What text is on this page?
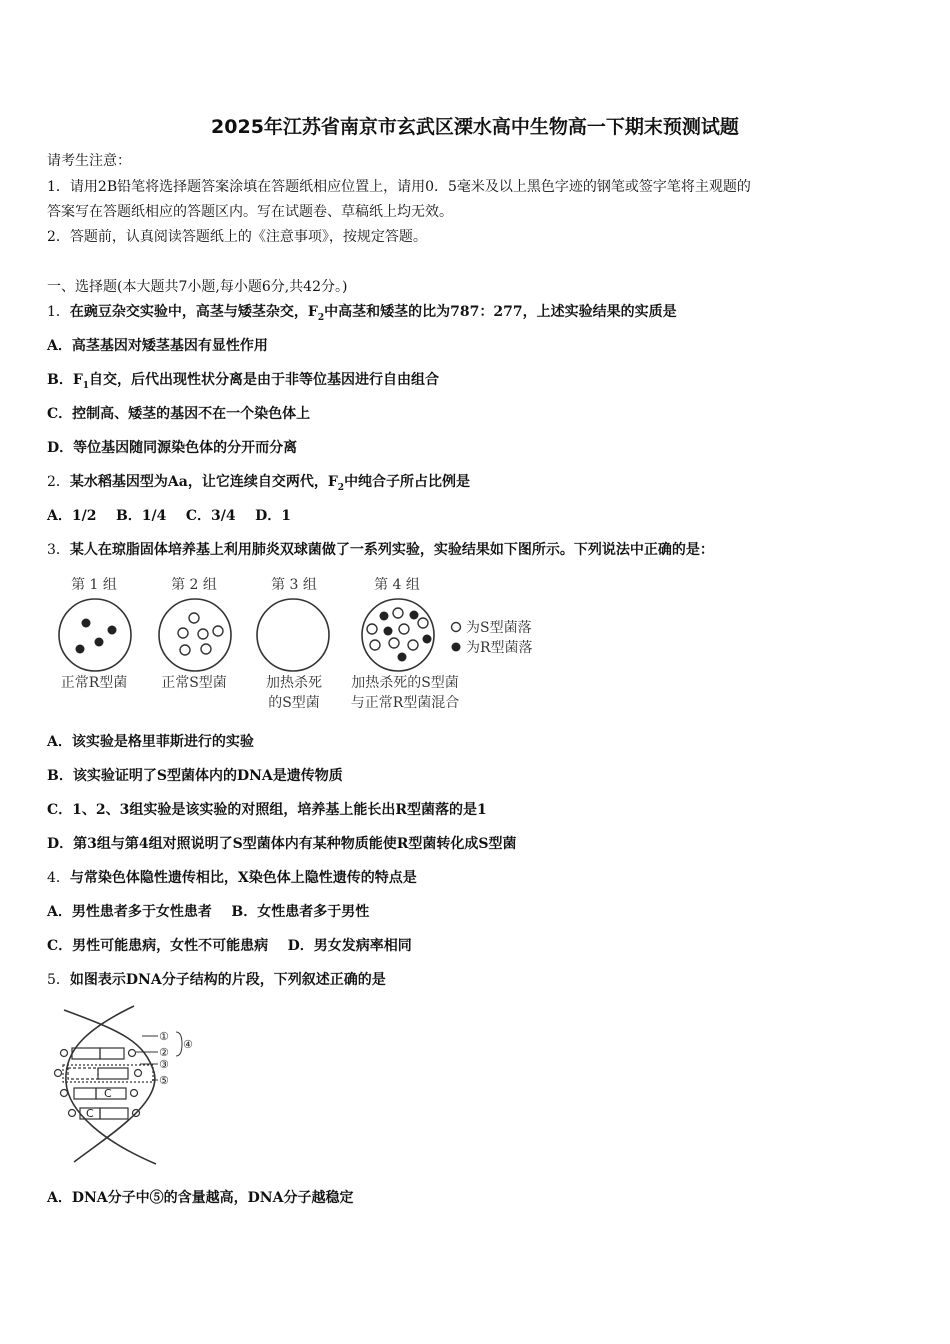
2025年江苏省南京市玄武区溧水高中生物高一下期末预测试题
请考生注意：
1．请用2B铅笔将选择题答案涂填在答题纸相应位置上，请用0．5毫米及以上黑色字迹的钢笔或签字笔将主观题的
答案写在答题纸相应的答题区内。写在试题卷、草稿纸上均无效。
2．答题前，认真阅读答题纸上的《注意事项》，按规定答题。
一、选择题(本大题共7小题,每小题6分,共42分。)
1．在豌豆杂交实验中，高茎与矮茎杂交，$F_2$中高茎和矮茎的比为787：277，上述实验结果的实质是
A．高茎基因对矮茎基因有显性作用
B．$F_1$自交，后代出现性状分离是由于非等位基因进行自由组合
C．控制高、矮茎的基因不在一个染色体上
D．等位基因随同源染色体的分开而分离
2．某水稻基因型为Aa，让它连续自交两代，$F_2$中纯合子所占比例是
A．1/2    B．1/4    C．3/4    D．1
3．某人在琼脂固体培养基上利用肺炎双球菌做了一系列实验，实验结果如下图所示。下列说法中正确的是：
第 1 组	第 2 组	第 3 组	第 4 组
为S型菌落
为R型菌落
正常R型菌 正常S型菌	加热杀死
的S型菌
加热杀死的S型菌
与正常R型菌混合
A．该实验是格里菲斯进行的实验
B．该实验证明了S型菌体内的DNA是遗传物质
C．1、2、3组实验是该实验的对照组，培养基上能长出R型菌落的是1
D．第3组与第4组对照说明了S型菌体内有某种物质能使R型菌转化成S型菌
4．与常染色体隐性遗传相比，X染色体上隐性遗传的特点是
A．男性患者多于女性患者    B．女性患者多于男性
C．男性可能患病，女性不可能患病    D．男女发病率相同
5．如图表示DNA分子结构的片段，下列叙述正确的是
C
C
①
②
③
④
⑤
A．DNA分子中⑤的含量越高，DNA分子越稳定
